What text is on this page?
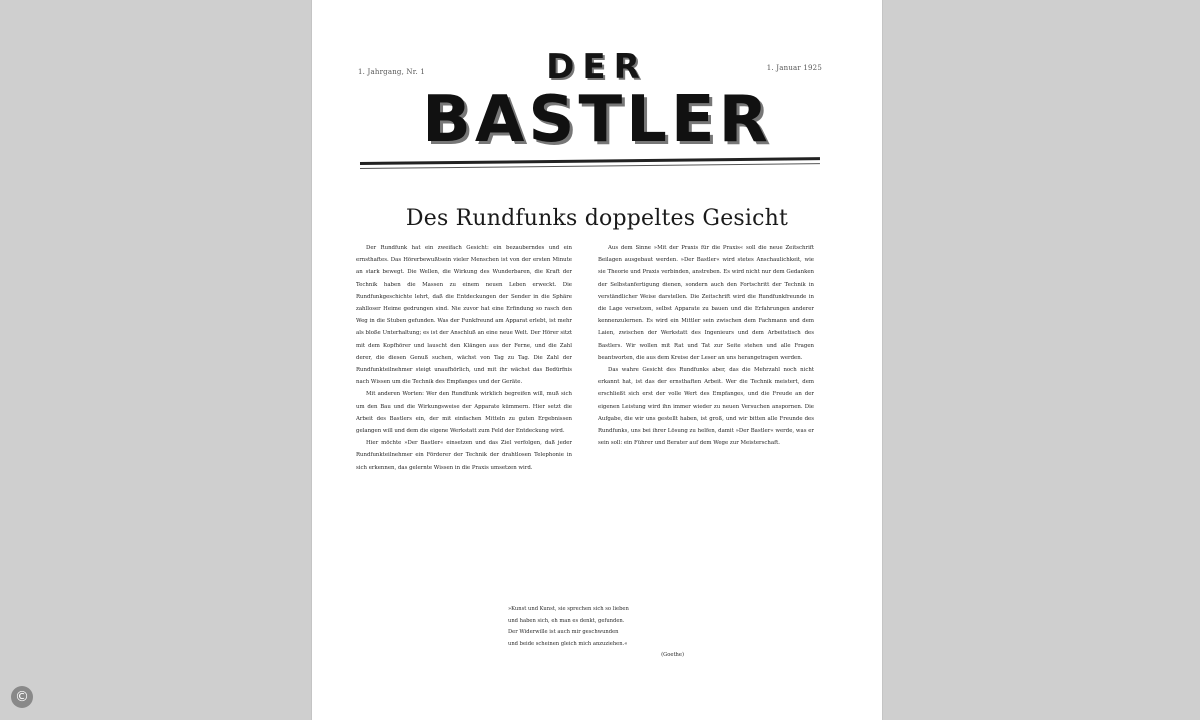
1. Jahrgang, Nr. 1	1. Januar 1925
DER
BASTLER
Des Rundfunks doppeltes Gesicht

Der Rundfunk hat ein zweifach Gesicht: ein bezauberndes und ein ernsthaftes. Das Hörerbewußtsein vieler Menschen ist von der ersten Minute an stark bewegt. Die Wellen, die Wirkung des Wunderbaren, die Kraft der Technik haben die Massen zu einem neuen Leben erweckt. Die Rundfunkgeschichte lehrt, daß die Entdeckungen der Sender in die Sphäre zahlloser Heime gedrungen sind. Nie zuvor hat eine Erfindung so rasch den Weg in die Stuben gefunden. Was der Funkfreund am Apparat erlebt, ist mehr als bloße Unterhaltung; es ist der Anschluß an eine neue Welt. Der Hörer sitzt mit dem Kopfhörer und lauscht den Klängen aus der Ferne, und die Zahl derer, die diesen Genuß suchen, wächst von Tag zu Tag. Die Zahl der Rundfunkteilnehmer steigt unaufhörlich, und mit ihr wächst das Bedürfnis nach Wissen um die Technik des Empfanges und der Geräte.

Mit anderen Worten: Wer den Rundfunk wirklich begreifen will, muß sich um den Bau und die Wirkungsweise der Apparate kümmern. Hier setzt die Arbeit des Bastlers ein, der mit einfachen Mitteln zu guten Ergebnissen gelangen will und dem die eigene Werkstatt zum Feld der Entdeckung wird.

Hier möchte »Der Bastler« einsetzen und das Ziel verfolgen, daß jeder Rundfunkteilnehmer ein Förderer der Technik der drahtlosen Telephonie in sich erkennen, das gelernte Wissen in die Praxis umsetzen wird.

Aus dem Sinne »Mit der Praxis für die Praxis« soll die neue Zeitschrift Beilagen ausgebaut werden. »Der Bastler« wird stetes Anschaulichkeit, wie sie Theorie und Praxis verbinden, anstreben. Es wird nicht nur dem Gedanken der Selbstanfertigung dienen, sondern auch den Fortschritt der Technik in verständlicher Weise darstellen. Die Zeitschrift wird die Rundfunkfreunde in die Lage versetzen, selbst Apparate zu bauen und die Erfahrungen anderer kennenzulernen. Es wird ein Mittler sein zwischen dem Fachmann und dem Laien, zwischen der Werkstatt des Ingenieurs und dem Arbeitstisch des Bastlers. Wir wollen mit Rat und Tat zur Seite stehen und alle Fragen beantworten, die aus dem Kreise der Leser an uns herangetragen werden.

Das wahre Gesicht des Rundfunks aber, das die Mehrzahl noch nicht erkannt hat, ist das der ernsthaften Arbeit. Wer die Technik meistert, dem erschließt sich erst der volle Wert des Empfanges, und die Freude an der eigenen Leistung wird ihn immer wieder zu neuen Versuchen anspornen. Die Aufgabe, die wir uns gestellt haben, ist groß, und wir bitten alle Freunde des Rundfunks, uns bei ihrer Lösung zu helfen, damit »Der Bastler« werde, was er sein soll: ein Führer und Berater auf dem Wege zur Meisterschaft.

»Kunst und Kunst, sie sprechen sich so lieben
und haben sich, eh man es denkt, gefunden.
Der Widerwille ist auch mir geschwunden
und beide scheinen gleich mich anzuziehen.«
(Goethe)
©
